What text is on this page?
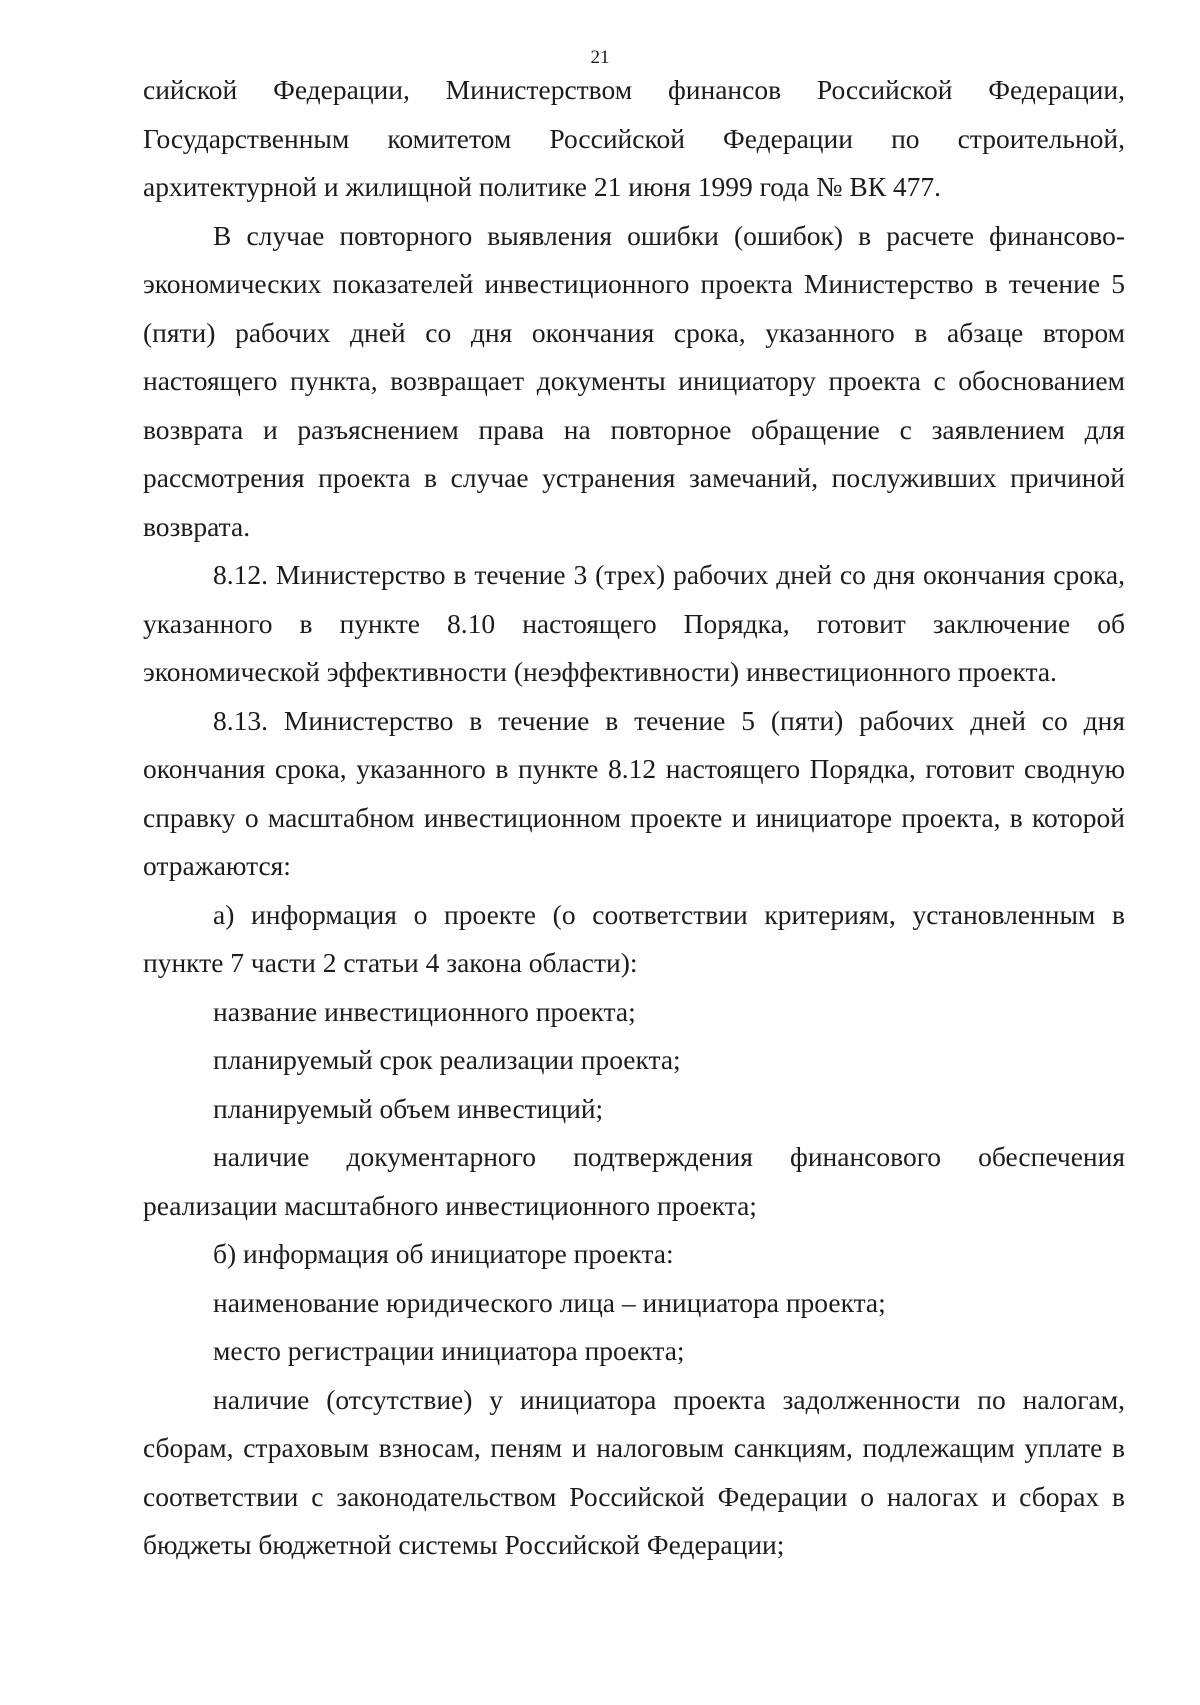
21

сийской Федерации, Министерством финансов Российской Федерации, Государственным комитетом Российской Федерации по строительной, архитектурной и жилищной политике 21 июня 1999 года № ВК 477.

В случае повторного выявления ошибки (ошибок) в расчете финансово-экономических показателей инвестиционного проекта Министерство в течение 5 (пяти) рабочих дней со дня окончания срока, указанного в абзаце втором настоящего пункта, возвращает документы инициатору проекта с обоснованием возврата и разъяснением права на повторное обращение с заявлением для рассмотрения проекта в случае устранения замечаний, послуживших причиной возврата.

8.12. Министерство в течение 3 (трех) рабочих дней со дня окончания срока, указанного в пункте 8.10 настоящего Порядка, готовит заключение об экономической эффективности (неэффективности) инвестиционного проекта.

8.13. Министерство в течение в течение 5 (пяти) рабочих дней со дня окончания срока, указанного в пункте 8.12 настоящего Порядка, готовит сводную справку о масштабном инвестиционном проекте и инициаторе проекта, в которой отражаются:

а) информация о проекте (о соответствии критериям, установленным в пункте 7 части 2 статьи 4 закона области):

название инвестиционного проекта;

планируемый срок реализации проекта;

планируемый объем инвестиций;

наличие документарного подтверждения финансового обеспечения реализации масштабного инвестиционного проекта;

б) информация об инициаторе проекта:

наименование юридического лица – инициатора проекта;

место регистрации инициатора проекта;

наличие (отсутствие) у инициатора проекта задолженности по налогам, сборам, страховым взносам, пеням и налоговым санкциям, подлежащим уплате в соответствии с законодательством Российской Федерации о налогах и сборах в бюджеты бюджетной системы Российской Федерации;
